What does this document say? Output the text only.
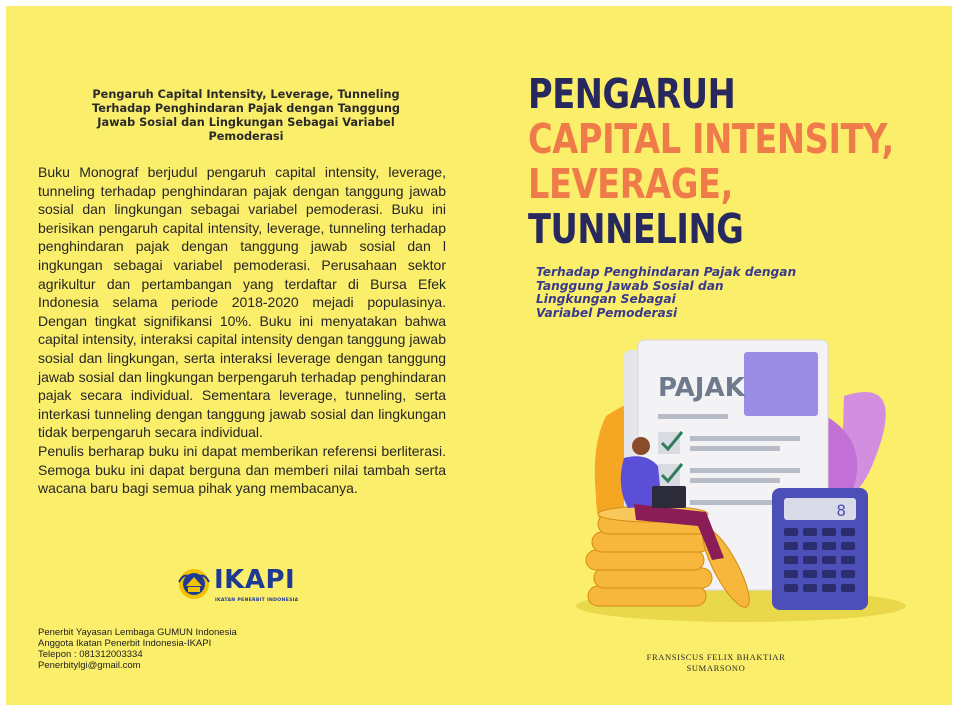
Pengaruh Capital Intensity, Leverage, Tunneling Terhadap Penghindaran Pajak dengan Tanggung Jawab Sosial dan Lingkungan Sebagai Variabel Pemoderasi

Buku Monograf berjudul pengaruh capital intensity, leverage, tunneling terhadap penghindaran pajak dengan tanggung jawab sosial dan lingkungan sebagai variabel pemoderasi. Buku ini berisikan pengaruh capital intensity, leverage, tunneling terhadap penghindaran pajak dengan tanggung jawab sosial dan l ingkungan sebagai variabel pemoderasi. Perusahaan sektor agrikultur dan pertambangan yang terdaftar di Bursa Efek Indonesia selama periode 2018-2020 mejadi populasinya. Dengan tingkat signifikansi 10%. Buku ini menyatakan bahwa capital intensity, interaksi capital intensity dengan tanggung jawab sosial dan lingkungan, serta interaksi leverage dengan tanggung jawab sosial dan lingkungan berpengaruh terhadap penghindaran pajak secara individual. Sementara leverage, tunneling, serta interkasi tunneling dengan tanggung jawab sosial dan lingkungan tidak berpengaruh secara individual.

Penulis berharap buku ini dapat memberikan referensi berliterasi. Semoga buku ini dapat berguna dan memberi nilai tambah serta wacana baru bagi semua pihak yang membacanya.

IKAPI
IKATAN PENERBIT INDONESIA
Penerbit Yayasan Lembaga GUMUN Indonesia
Anggota Ikatan Penerbit Indonesia-IKAPI
Telepon : 081312003334
Penerbitylgi@gmail.com
PENGARUH
CAPITAL INTENSITY,
LEVERAGE,
TUNNELING
Terhadap Penghindaran Pajak dengan
Tanggung Jawab Sosial dan
Lingkungan Sebagai
Variabel Pemoderasi
PAJAK
8
FRANSISCUS FELIX BHAKTIAR
SUMARSONO
